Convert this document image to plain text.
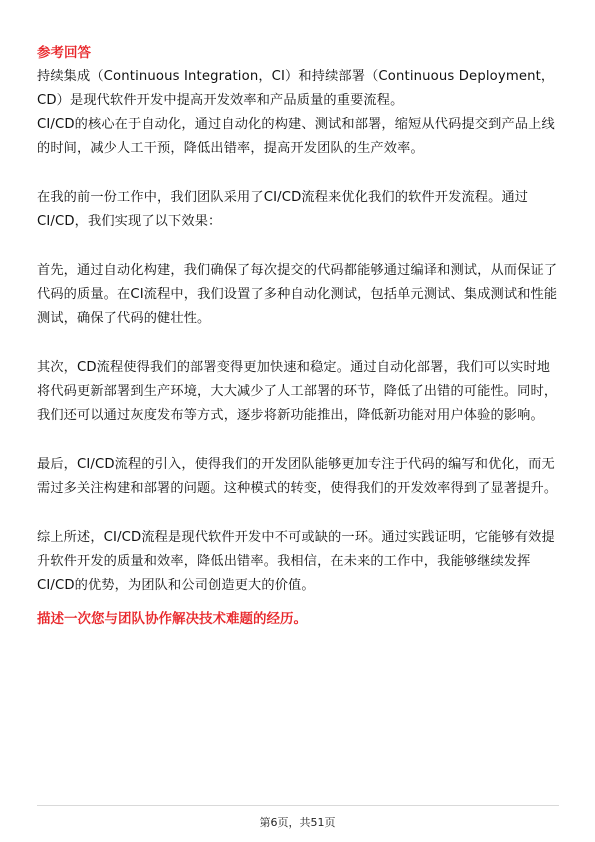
参考回答

持续集成（Continuous Integration，CI）和持续部署（Continuous Deployment，CD）是现代软件开发中提高开发效率和产品质量的重要流程。

CI/CD的核心在于自动化，通过自动化的构建、测试和部署，缩短从代码提交到产品上线的时间，减少人工干预，降低出错率，提高开发团队的生产效率。

在我的前一份工作中，我们团队采用了CI/CD流程来优化我们的软件开发流程。通过CI/CD，我们实现了以下效果：

首先，通过自动化构建，我们确保了每次提交的代码都能够通过编译和测试，从而保证了代码的质量。在CI流程中，我们设置了多种自动化测试，包括单元测试、集成测试和性能测试，确保了代码的健壮性。

其次，CD流程使得我们的部署变得更加快速和稳定。通过自动化部署，我们可以实时地将代码更新部署到生产环境，大大减少了人工部署的环节，降低了出错的可能性。同时，我们还可以通过灰度发布等方式，逐步将新功能推出，降低新功能对用户体验的影响。

最后，CI/CD流程的引入，使得我们的开发团队能够更加专注于代码的编写和优化，而无需过多关注构建和部署的问题。这种模式的转变，使得我们的开发效率得到了显著提升。

综上所述，CI/CD流程是现代软件开发中不可或缺的一环。通过实践证明，它能够有效提升软件开发的质量和效率，降低出错率。我相信，在未来的工作中，我能够继续发挥CI/CD的优势，为团队和公司创造更大的价值。

描述一次您与团队协作解决技术难题的经历。

第6页，共51页
